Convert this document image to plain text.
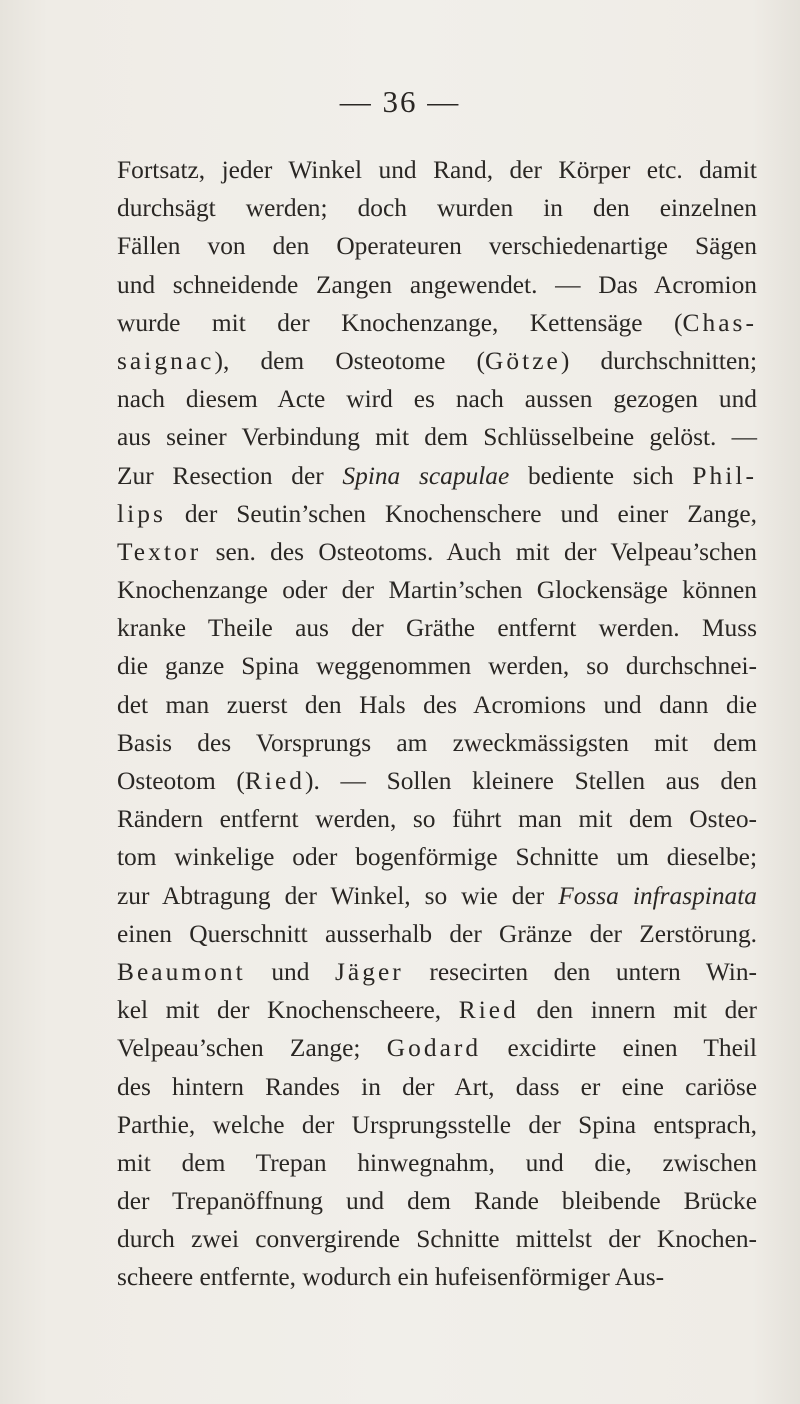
— 36 —
Fortsatz, jeder Winkel und Rand, der Körper etc. damit
durchsägt werden; doch wurden in den einzelnen
Fällen von den Operateuren verschiedenartige Sägen
und schneidende Zangen angewendet. — Das Acromion
wurde mit der Knochenzange, Kettensäge (Chas-
saignac), dem Osteotome (Götze) durchschnitten;
nach diesem Acte wird es nach aussen gezogen und
aus seiner Verbindung mit dem Schlüsselbeine gelöst. —
Zur Resection der Spina scapulae bediente sich Phil-
lips der Seutin’schen Knochenschere und einer Zange,
Textor sen. des Osteotoms. Auch mit der Velpeau’schen
Knochenzange oder der Martin’schen Glockensäge können
kranke Theile aus der Gräthe entfernt werden. Muss
die ganze Spina weggenommen werden, so durchschnei-
det man zuerst den Hals des Acromions und dann die
Basis des Vorsprungs am zweckmässigsten mit dem
Osteotom (Ried). — Sollen kleinere Stellen aus den
Rändern entfernt werden, so führt man mit dem Osteo-
tom winkelige oder bogenförmige Schnitte um dieselbe;
zur Abtragung der Winkel, so wie der Fossa infraspinata
einen Querschnitt ausserhalb der Gränze der Zerstörung.
Beaumont und Jäger resecirten den untern Win-
kel mit der Knochenscheere, Ried den innern mit der
Velpeau’schen Zange; Godard excidirte einen Theil
des hintern Randes in der Art, dass er eine cariöse
Parthie, welche der Ursprungsstelle der Spina entsprach,
mit dem Trepan hinwegnahm, und die, zwischen
der Trepanöffnung und dem Rande bleibende Brücke
durch zwei convergirende Schnitte mittelst der Knochen-
scheere entfernte, wodurch ein hufeisenförmiger Aus-
